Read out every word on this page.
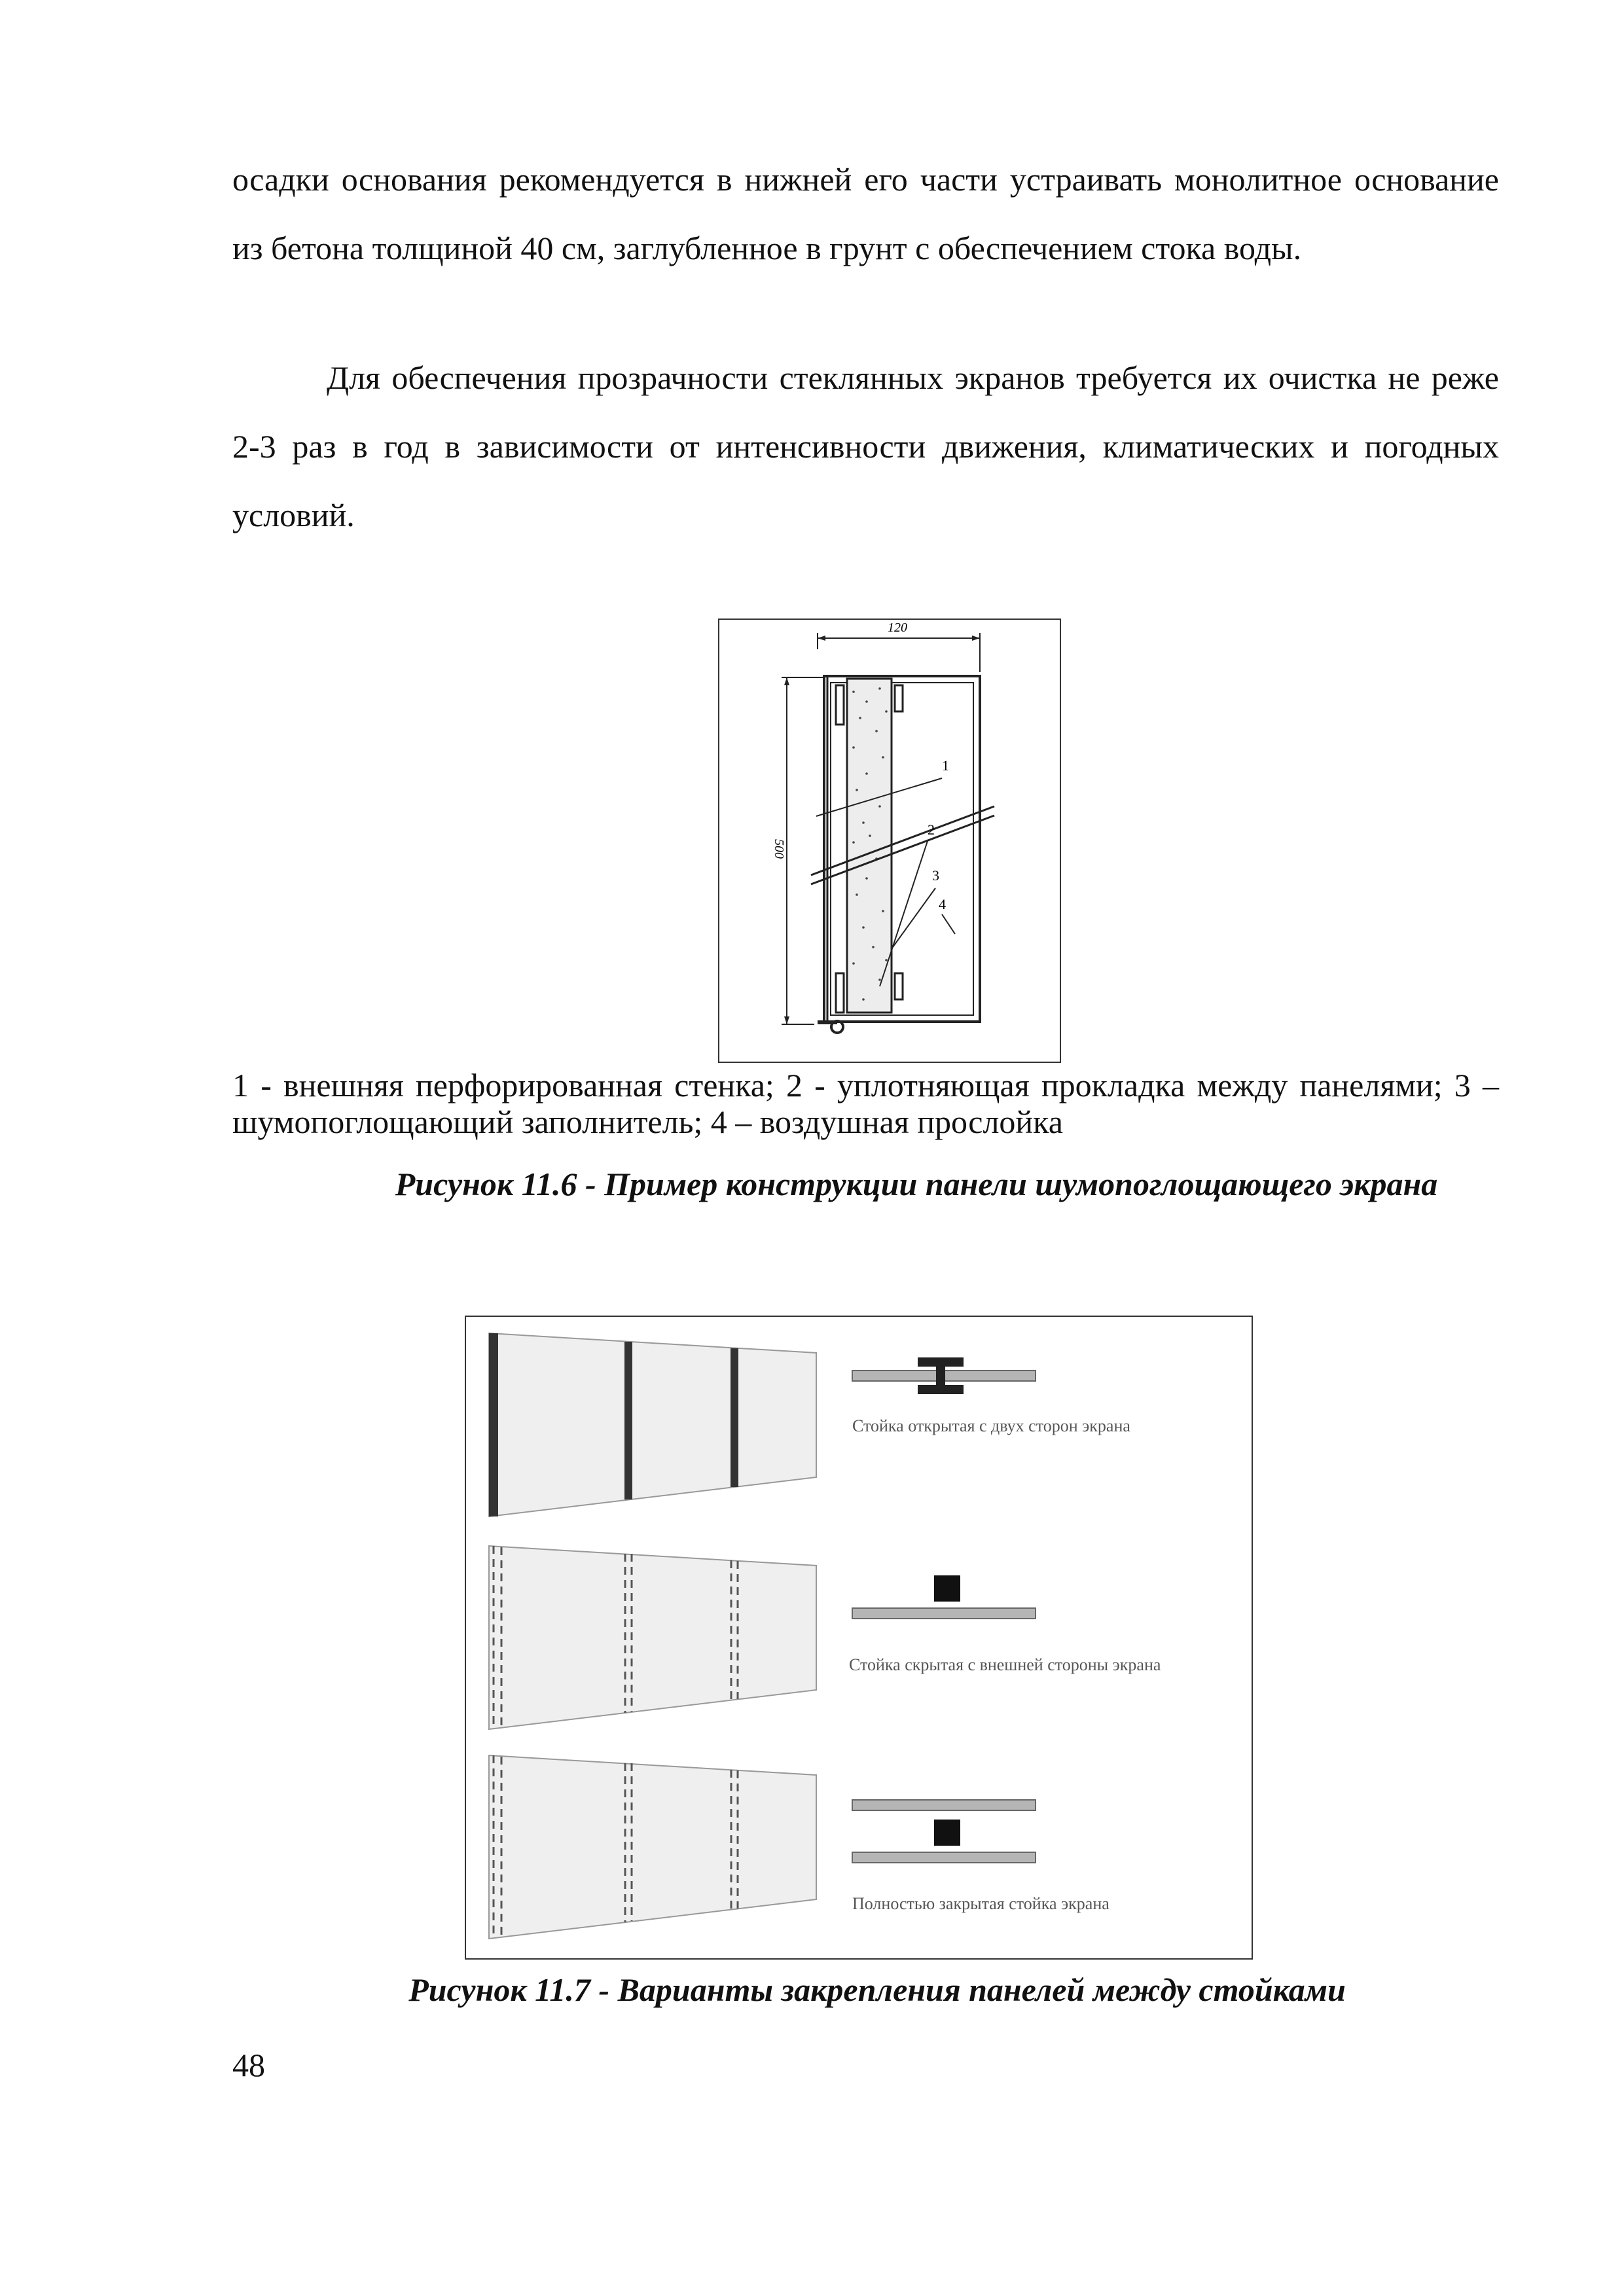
осадки основания рекомендуется в нижней его части устраивать монолитное основание из бетона толщиной 40 см, заглубленное в грунт с обеспечением стока воды.

Для обеспечения прозрачности стеклянных экранов требуется их очистка не реже 2-3 раз в год в зависимости от интенсивности движения, климатических и погодных условий.

120
500
1
2
3
4

1 - внешняя перфорированная стенка; 2 - уплотняющая прокладка между панелями; 3 – шумопоглощающий заполнитель; 4 – воздушная прослойка

Рисунок 11.6 - Пример конструкции панели шумопоглощающего экрана

Стойка открытая с двух сторон экрана
Стойка скрытая с внешней стороны экрана
Полностью закрытая стойка экрана

Рисунок 11.7 - Варианты закрепления панелей между стойками

48
